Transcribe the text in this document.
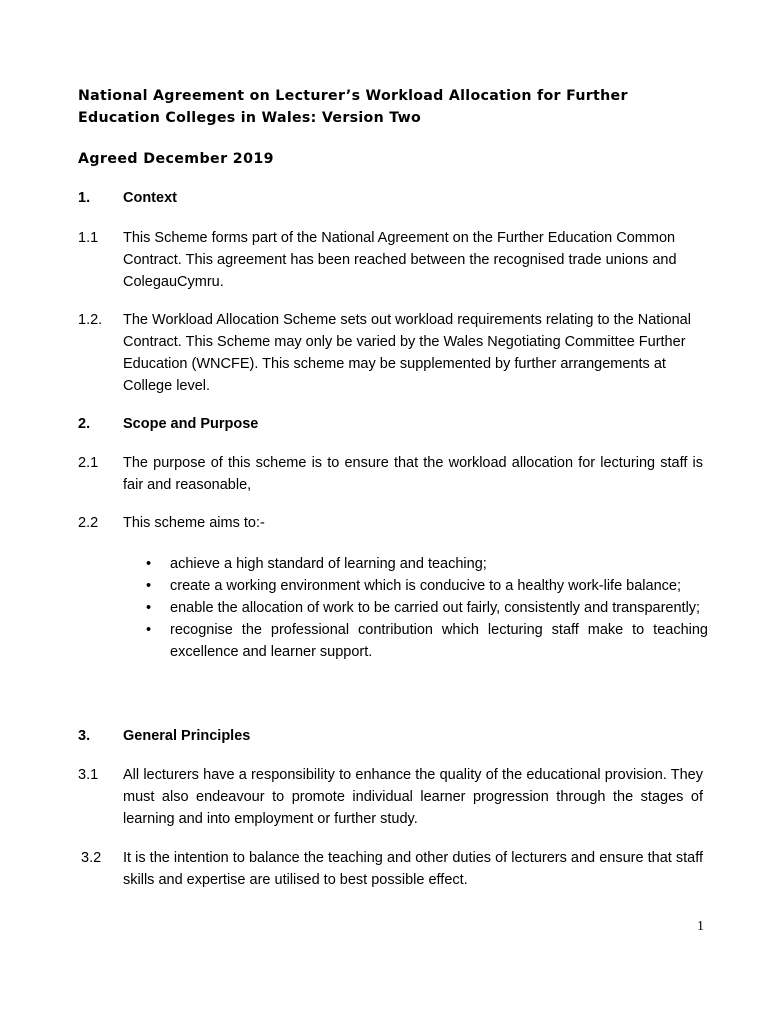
National Agreement on Lecturer’s Workload Allocation for Further
Education Colleges in Wales: Version Two
Agreed December 2019
1. Context
1.1 This Scheme forms part of the National Agreement on the Further Education Common Contract. This agreement has been reached between the recognised trade unions and ColegauCymru.
1.2. The Workload Allocation Scheme sets out workload requirements relating to the National Contract. This Scheme may only be varied by the Wales Negotiating Committee Further Education (WNCFE). This scheme may be supplemented by further arrangements at College level.
2. Scope and Purpose
2.1 The purpose of this scheme is to ensure that the workload allocation for lecturing staff is fair and reasonable,
2.2 This scheme aims to:-
• achieve a high standard of learning and teaching;
• create a working environment which is conducive to a healthy work-life balance;
• enable the allocation of work to be carried out fairly, consistently and transparently;
• recognise the professional contribution which lecturing staff make to teaching excellence and learner support.
3. General Principles
3.1 All lecturers have a responsibility to enhance the quality of the educational provision. They must also endeavour to promote individual learner progression through the stages of learning and into employment or further study.
3.2 It is the intention to balance the teaching and other duties of lecturers and ensure that staff skills and expertise are utilised to best possible effect.
1
